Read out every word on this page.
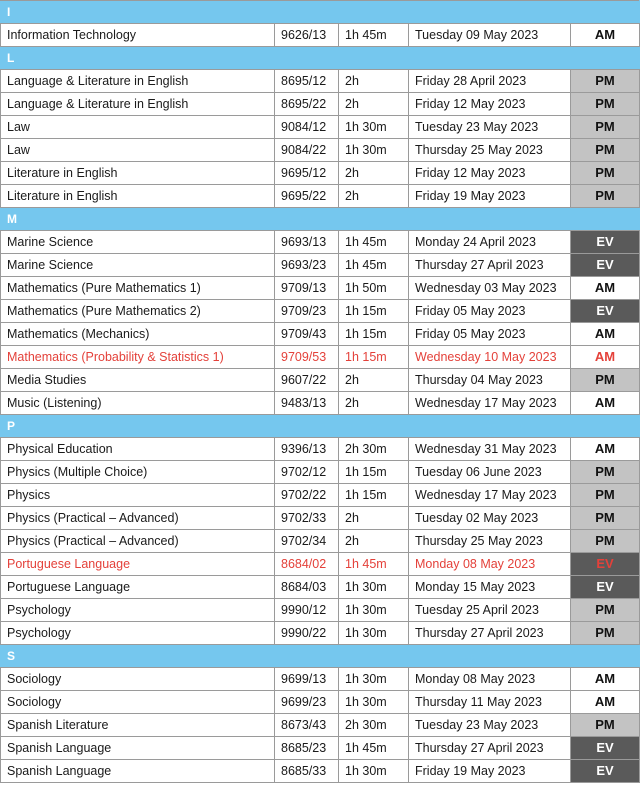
I				
Information Technology	9626/13	1h 45m	Tuesday 09 May 2023	AM
L				
Language & Literature in English	8695/12	2h	Friday 28 April 2023	PM
Language & Literature in English	8695/22	2h	Friday 12 May 2023	PM
Law	9084/12	1h 30m	Tuesday 23 May 2023	PM
Law	9084/22	1h 30m	Thursday 25 May 2023	PM
Literature in English	9695/12	2h	Friday 12 May 2023	PM
Literature in English	9695/22	2h	Friday 19 May 2023	PM
M				
Marine Science	9693/13	1h 45m	Monday 24 April 2023	EV
Marine Science	9693/23	1h 45m	Thursday 27 April 2023	EV
Mathematics (Pure Mathematics 1)	9709/13	1h 50m	Wednesday 03 May 2023	AM
Mathematics (Pure Mathematics 2)	9709/23	1h 15m	Friday 05 May 2023	EV
Mathematics (Mechanics)	9709/43	1h 15m	Friday 05 May 2023	AM
Mathematics (Probability & Statistics 1)	9709/53	1h 15m	Wednesday 10 May 2023	AM
Media Studies	9607/22	2h	Thursday 04 May 2023	PM
Music (Listening)	9483/13	2h	Wednesday 17 May 2023	AM
P				
Physical Education	9396/13	2h 30m	Wednesday 31 May 2023	AM
Physics (Multiple Choice)	9702/12	1h 15m	Tuesday 06 June 2023	PM
Physics	9702/22	1h 15m	Wednesday 17 May 2023	PM
Physics (Practical – Advanced)	9702/33	2h	Tuesday 02 May 2023	PM
Physics (Practical – Advanced)	9702/34	2h	Thursday 25 May 2023	PM
Portuguese Language	8684/02	1h 45m	Monday 08 May 2023	EV
Portuguese Language	8684/03	1h 30m	Monday 15 May 2023	EV
Psychology	9990/12	1h 30m	Tuesday 25 April 2023	PM
Psychology	9990/22	1h 30m	Thursday 27 April 2023	PM
S				
Sociology	9699/13	1h 30m	Monday 08 May 2023	AM
Sociology	9699/23	1h 30m	Thursday 11 May 2023	AM
Spanish Literature	8673/43	2h 30m	Tuesday 23 May 2023	PM
Spanish Language	8685/23	1h 45m	Thursday 27 April 2023	EV
Spanish Language	8685/33	1h 30m	Friday 19 May 2023	EV
